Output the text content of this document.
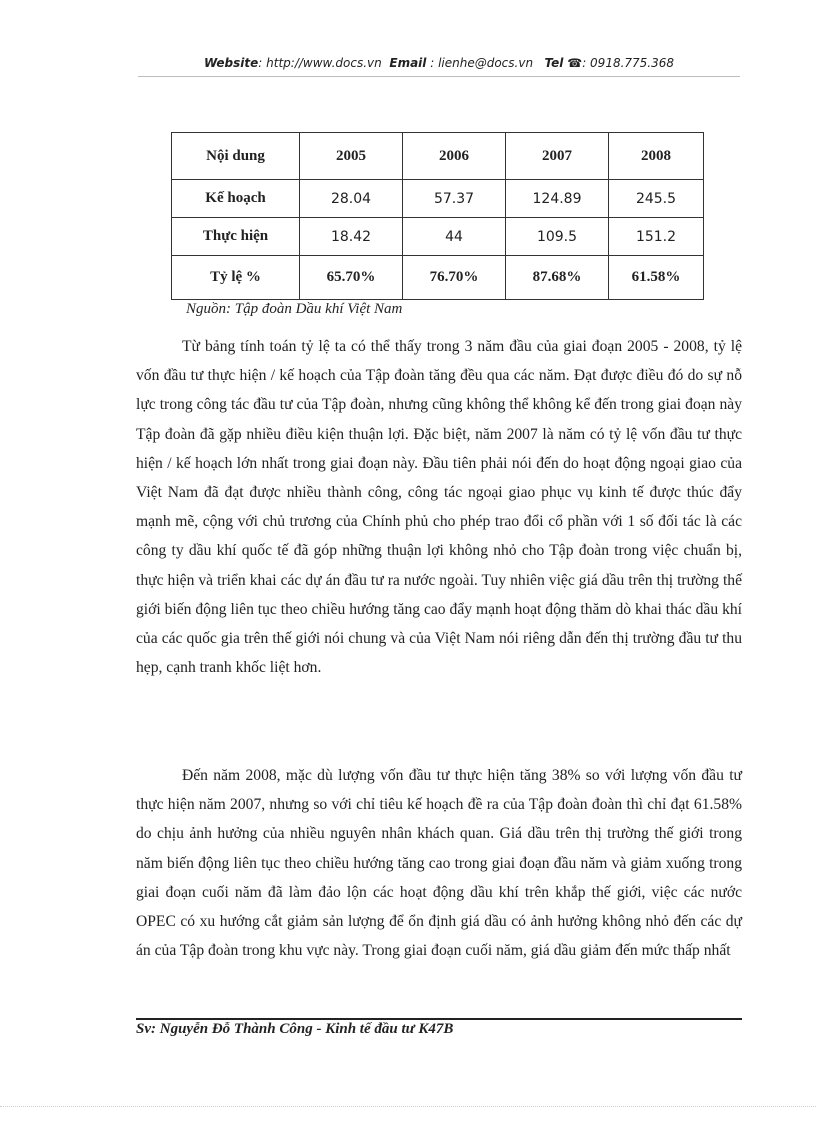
Website: http://www.docs.vn Email : lienhe@docs.vn Tel ☎: 0918.775.368
Nội dung	2005	2006	2007	2008
Kế hoạch	28.04	57.37	124.89	245.5
Thực hiện	18.42	44	109.5	151.2
Tỷ lệ %	65.70%	76.70%	87.68%	61.58%
Nguồn: Tập đoàn Dầu khí Việt Nam

Từ bảng tính toán tỷ lệ ta có thể thấy trong 3 năm đầu của giai đoạn 2005 - 2008, tỷ lệ vốn đầu tư thực hiện / kế hoạch của Tập đoàn tăng đều qua các năm. Đạt được điều đó do sự nỗ lực trong công tác đầu tư của Tập đoàn, nhưng cũng không thể không kể đến trong giai đoạn này Tập đoàn đã gặp nhiều điều kiện thuận lợi. Đặc biệt, năm 2007 là năm có tỷ lệ vốn đầu tư thực hiện / kế hoạch lớn nhất trong giai đoạn này. Đầu tiên phải nói đến do hoạt động ngoại giao của Việt Nam đã đạt được nhiều thành công, công tác ngoại giao phục vụ kinh tế được thúc đẩy mạnh mẽ, cộng với chủ trương của Chính phủ cho phép trao đổi cổ phần với 1 số đối tác là các công ty dầu khí quốc tế đã góp những thuận lợi không nhỏ cho Tập đoàn trong việc chuẩn bị, thực hiện và triển khai các dự án đầu tư ra nước ngoài. Tuy nhiên việc giá dầu trên thị trường thế giới biến động liên tục theo chiều hướng tăng cao đẩy mạnh hoạt động thăm dò khai thác dầu khí của các quốc gia trên thế giới nói chung và của Việt Nam nói riêng dẫn đến thị trường đầu tư thu hẹp, cạnh tranh khốc liệt hơn.

Đến năm 2008, mặc dù lượng vốn đầu tư thực hiện tăng 38% so với lượng vốn đầu tư thực hiện năm 2007, nhưng so với chỉ tiêu kế hoạch đề ra của Tập đoàn đoàn thì chỉ đạt 61.58% do chịu ảnh hưởng của nhiều nguyên nhân khách quan. Giá dầu trên thị trường thế giới trong năm biến động liên tục theo chiều hướng tăng cao trong giai đoạn đầu năm và giảm xuống trong giai đoạn cuối năm đã làm đảo lộn các hoạt động dầu khí trên khắp thế giới, việc các nước OPEC có xu hướng cắt giảm sản lượng để ổn định giá dầu có ảnh hưởng không nhỏ đến các dự án của Tập đoàn trong khu vực này. Trong giai đoạn cuối năm, giá dầu giảm đến mức thấp nhất

Sv: Nguyễn Đỗ Thành Công - Kinh tế đầu tư K47B
